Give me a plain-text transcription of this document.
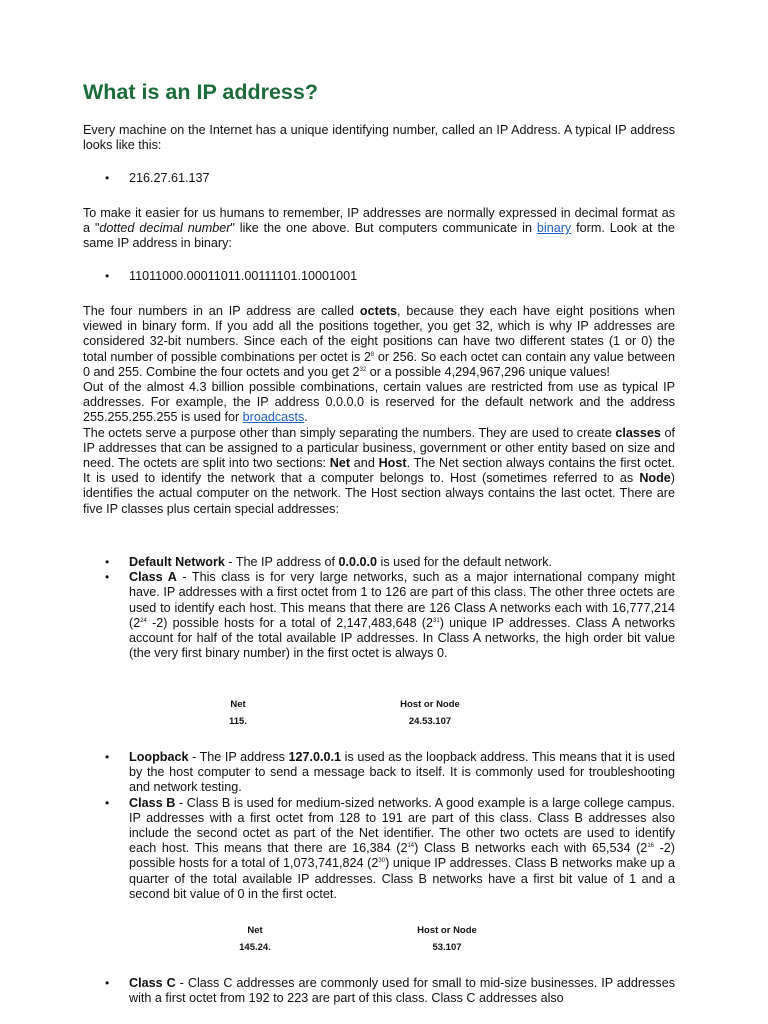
What is an IP address?

Every machine on the Internet has a unique identifying number, called an IP Address. A typical IP address looks like this:

• 216.27.61.137

To make it easier for us humans to remember, IP addresses are normally expressed in decimal format as a "dotted decimal number" like the one above. But computers communicate in binary form. Look at the same IP address in binary:

• 11011000.00011011.00111101.10001001

The four numbers in an IP address are called octets, because they each have eight positions when viewed in binary form. If you add all the positions together, you get 32, which is why IP addresses are considered 32-bit numbers. Since each of the eight positions can have two different states (1 or 0) the total number of possible combinations per octet is $2^8$ or 256. So each octet can contain any value between 0 and 255. Combine the four octets and you get $2^{32}$ or a possible 4,294,967,296 unique values!

Out of the almost 4.3 billion possible combinations, certain values are restricted from use as typical IP addresses. For example, the IP address 0.0.0.0 is reserved for the default network and the address 255.255.255.255 is used for broadcasts.

The octets serve a purpose other than simply separating the numbers. They are used to create classes of IP addresses that can be assigned to a particular business, government or other entity based on size and need. The octets are split into two sections: Net and Host. The Net section always contains the first octet. It is used to identify the network that a computer belongs to. Host (sometimes referred to as Node) identifies the actual computer on the network. The Host section always contains the last octet. There are five IP classes plus certain special addresses:

• Default Network - The IP address of 0.0.0.0 is used for the default network.
• Class A - This class is for very large networks, such as a major international company might have. IP addresses with a first octet from 1 to 126 are part of this class. The other three octets are used to identify each host. This means that there are 126 Class A networks each with 16,777,214 ($2^{24}$ -2) possible hosts for a total of 2,147,483,648 $(2^{31})$ unique IP addresses. Class A networks account for half of the total available IP addresses. In Class A networks, the high order bit value (the very first binary number) in the first octet is always 0.
Net	Host or Node
115.	24.53.107
• Loopback - The IP address 127.0.0.1 is used as the loopback address. This means that it is used by the host computer to send a message back to itself. It is commonly used for troubleshooting and network testing.
• Class B - Class B is used for medium-sized networks. A good example is a large college campus. IP addresses with a first octet from 128 to 191 are part of this class. Class B addresses also include the second octet as part of the Net identifier. The other two octets are used to identify each host. This means that there are 16,384 $(2^{14})$ Class B networks each with 65,534 ($2^{16}$ -2) possible hosts for a total of 1,073,741,824 $(2^{30})$ unique IP addresses. Class B networks make up a quarter of the total available IP addresses. Class B networks have a first bit value of 1 and a second bit value of 0 in the first octet.
Net	Host or Node
145.24.	53.107
• Class C - Class C addresses are commonly used for small to mid-size businesses. IP addresses with a first octet from 192 to 223 are part of this class. Class C addresses also
